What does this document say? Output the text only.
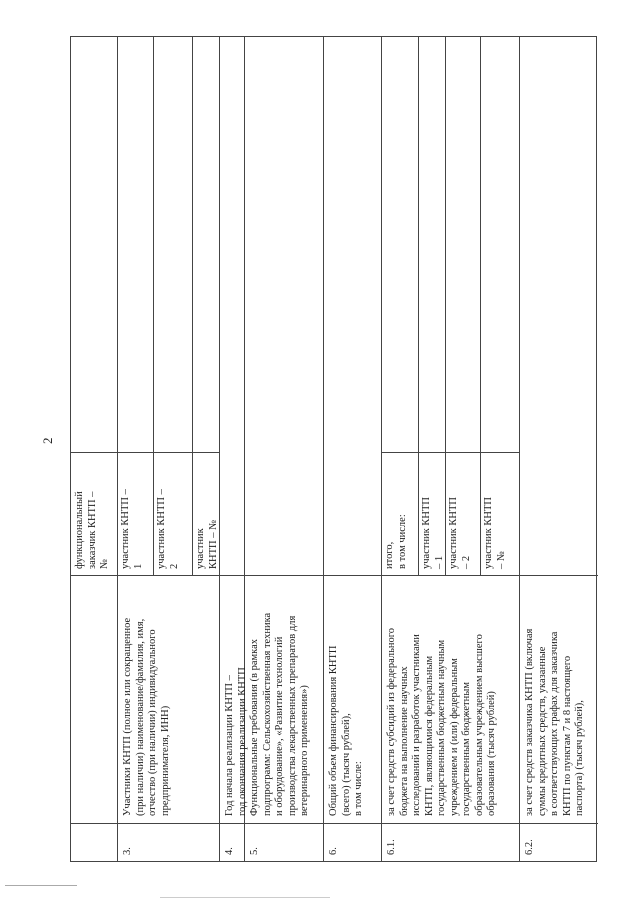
2
функциональный заказчик КНТП – №
3.
Участники КНТП (полное или сокращенное (при наличии) наименование/фамилия, имя, отчество (при наличии) индивидуального предпринимателя, ИНН)
участник КНТП – 1 участник КНТП – 2 участник КНТП – №
4.
Год начала реализации КНТП – год окончания реализации КНТП
5.
Функциональные требования (в рамках подпрограмм: Сельскохозяйственная техника и оборудование», «Развитие технологий производства лекарственных препаратов для ветеринарного применения»)
6.
Общий объем финансирования КНТП (всего) (тысяч рублей), в том числе:
6.1.
за счет средств субсидий из федерального бюджета на выполнение научных исследований и разработок участниками КНТП, являющимися федеральным государственным бюджетным научным учреждением и (или) федеральным государственным бюджетным образовательным учреждением высшего образования (тысяч рублей)
итого, в том числе: участник КНТП – 1 участник КНТП – 2 участник КНТП – №
6.2.
за счет средств заказчика КНТП (включая суммы кредитных средств, указанные в соответствующих графах для заказчика КНТП по пунктам 7 и 8 настоящего паспорта) (тысяч рублей),
